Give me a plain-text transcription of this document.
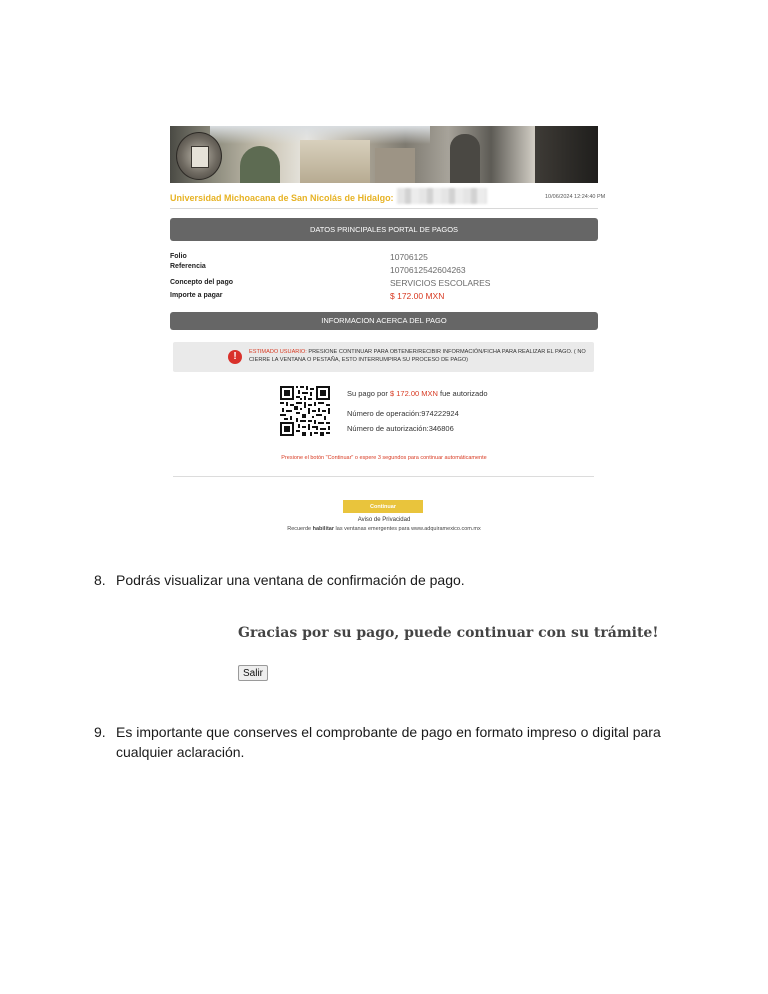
Universidad Michoacana de San Nicolás de Hidalgo:	10/06/2024 12:24:40 PM
DATOS PRINCIPALES PORTAL DE PAGOS
Folio	10706125
Referencia	1070612542604263
Concepto del pago	SERVICIOS ESCOLARES
Importe a pagar	$ 172.00 MXN
INFORMACION ACERCA DEL PAGO
!	ESTIMADO USUARIO: PRESIONE CONTINUAR PARA OBTENER/RECIBIR INFORMACIÓN/FICHA PARA REALIZAR EL PAGO. ( NO CIERRE LA VENTANA O PESTAÑA, ESTO INTERRUMPIRA SU PROCESO DE PAGO)
Su pago por $ 172.00 MXN fue autorizado
Número de operación:974222924
Número de autorización:346806
Presione el botón "Continuar" o espere 3 segundos para continuar automáticamente
Continuar
Aviso de Privacidad
Recuerde habilitar las ventanas emergentes para www.adquiramexico.com.mx
8. Podrás visualizar una ventana de confirmación de pago.
Gracias por su pago, puede continuar con su trámite!
Salir
9. Es importante que conserves el comprobante de pago en formato impreso o digital para
cualquier aclaración.
